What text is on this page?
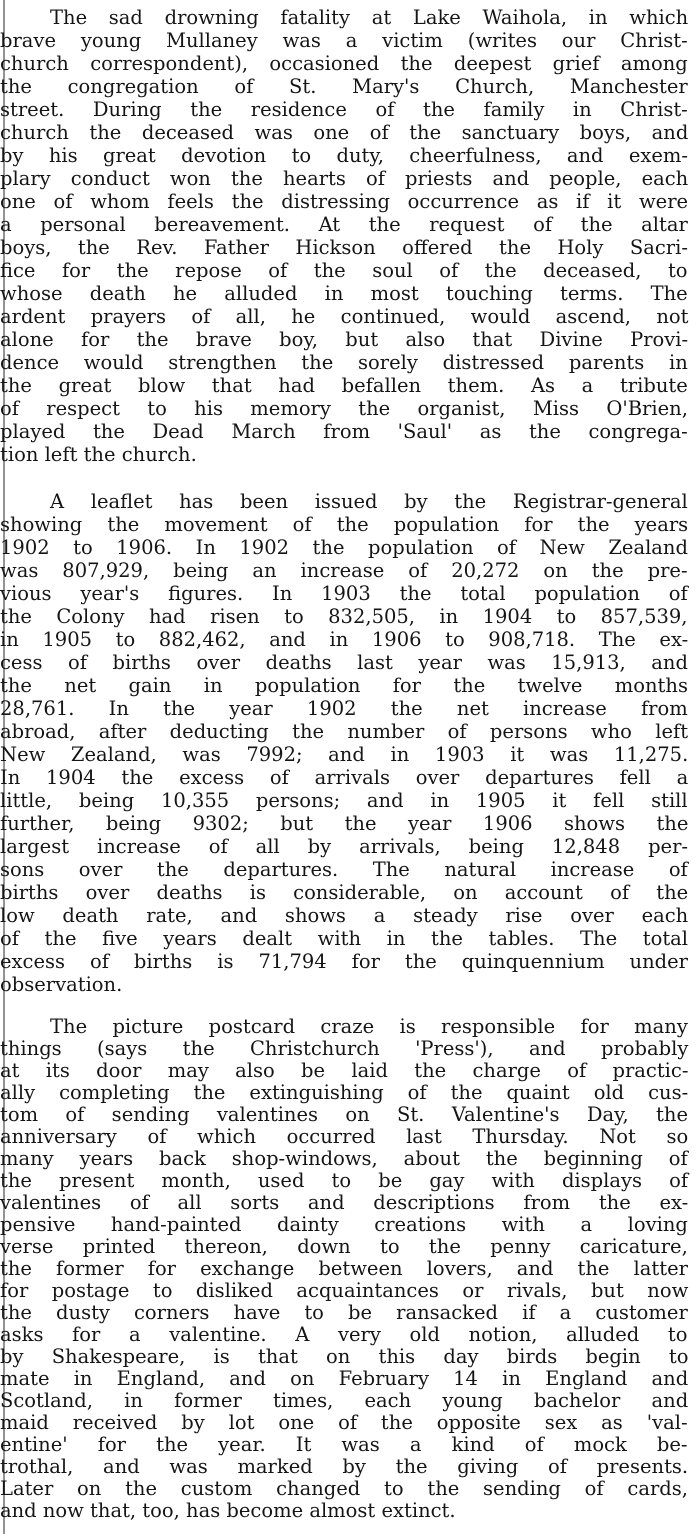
The sad drowning fatality at Lake Waihola, in which
brave young Mullaney was a victim (writes our Christ-
church correspondent), occasioned the deepest grief among
the congregation of St. Mary's Church, Manchester
street. During the residence of the family in Christ-
church the deceased was one of the sanctuary boys, and
by his great devotion to duty, cheerfulness, and exem-
plary conduct won the hearts of priests and people, each
one of whom feels the distressing occurrence as if it were
a personal bereavement. At the request of the altar
boys, the Rev. Father Hickson offered the Holy Sacri-
fice for the repose of the soul of the deceased, to
whose death he alluded in most touching terms. The
ardent prayers of all, he continued, would ascend, not
alone for the brave boy, but also that Divine Provi-
dence would strengthen the sorely distressed parents in
the great blow that had befallen them. As a tribute
of respect to his memory the organist, Miss O'Brien,
played the Dead March from 'Saul' as the congrega-
tion left the church.
A leaflet has been issued by the Registrar-general
showing the movement of the population for the years
1902 to 1906. In 1902 the population of New Zealand
was 807,929, being an increase of 20,272 on the pre-
vious year's figures. In 1903 the total population of
the Colony had risen to 832,505, in 1904 to 857,539,
in 1905 to 882,462, and in 1906 to 908,718. The ex-
cess of births over deaths last year was 15,913, and
the net gain in population for the twelve months
28,761. In the year 1902 the net increase from
abroad, after deducting the number of persons who left
New Zealand, was 7992; and in 1903 it was 11,275.
In 1904 the excess of arrivals over departures fell a
little, being 10,355 persons; and in 1905 it fell still
further, being 9302; but the year 1906 shows the
largest increase of all by arrivals, being 12,848 per-
sons over the departures. The natural increase of
births over deaths is considerable, on account of the
low death rate, and shows a steady rise over each
of the five years dealt with in the tables. The total
excess of births is 71,794 for the quinquennium under
observation.
The picture postcard craze is responsible for many
things (says the Christchurch 'Press'), and probably
at its door may also be laid the charge of practic-
ally completing the extinguishing of the quaint old cus-
tom of sending valentines on St. Valentine's Day, the
anniversary of which occurred last Thursday. Not so
many years back shop-windows, about the beginning of
the present month, used to be gay with displays of
valentines of all sorts and descriptions from the ex-
pensive hand-painted dainty creations with a loving
verse printed thereon, down to the penny caricature,
the former for exchange between lovers, and the latter
for postage to disliked acquaintances or rivals, but now
the dusty corners have to be ransacked if a customer
asks for a valentine. A very old notion, alluded to
by Shakespeare, is that on this day birds begin to
mate in England, and on February 14 in England and
Scotland, in former times, each young bachelor and
maid received by lot one of the opposite sex as 'val-
entine' for the year. It was a kind of mock be-
trothal, and was marked by the giving of presents.
Later on the custom changed to the sending of cards,
and now that, too, has become almost extinct.
